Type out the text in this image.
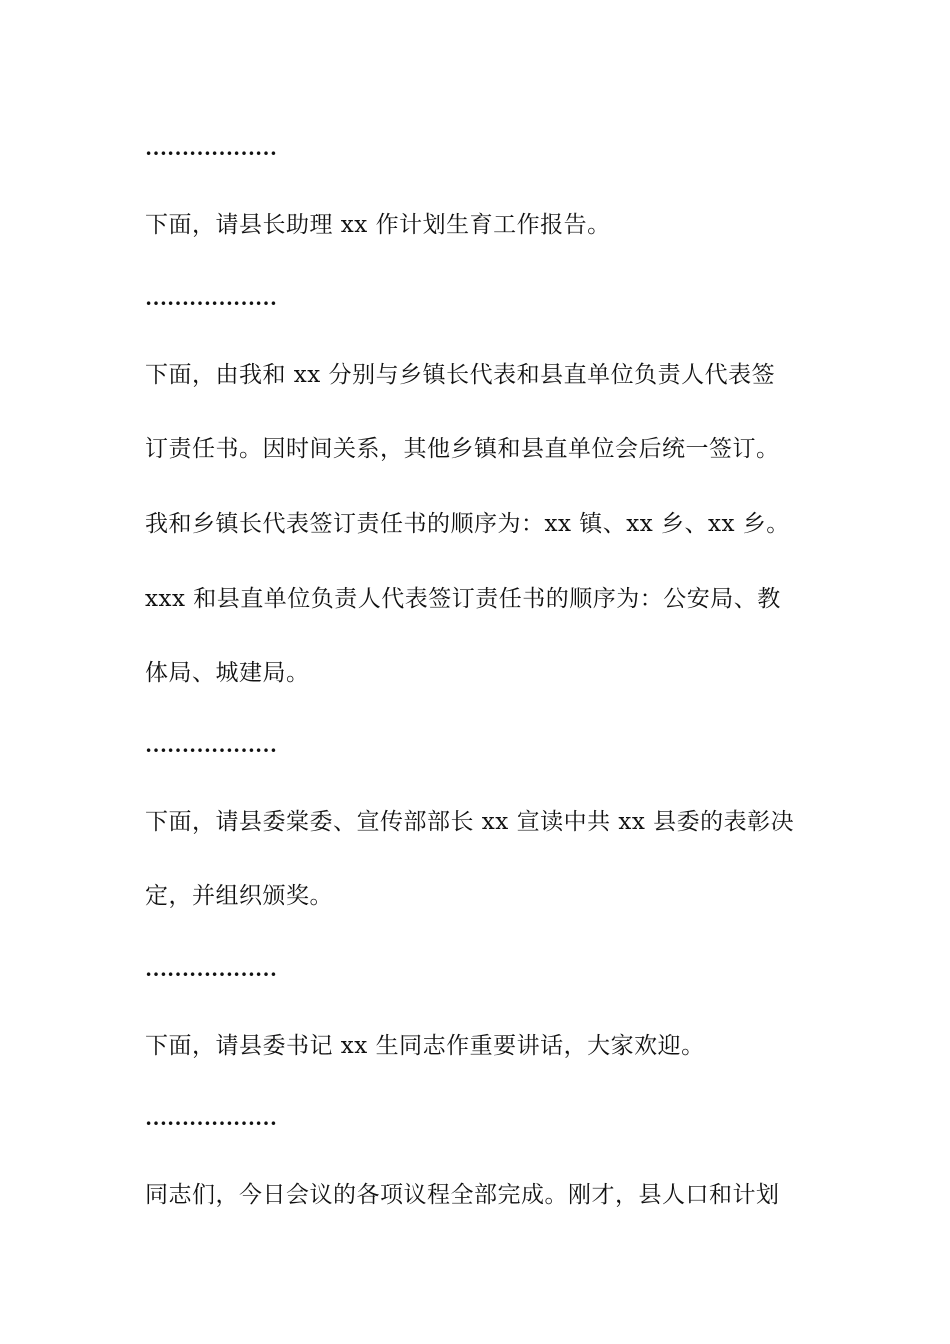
………………
下面，请县长助理 xx 作计划生育工作报告。
………………
下面，由我和 xx 分别与乡镇长代表和县直单位负责人代表签
订责任书。因时间关系，其他乡镇和县直单位会后统一签订。
我和乡镇长代表签订责任书的顺序为：xx 镇、xx 乡、xx 乡。
xxx 和县直单位负责人代表签订责任书的顺序为：公安局、教
体局、城建局。
………………
下面，请县委棠委、宣传部部长 xx 宣读中共 xx 县委的表彰决
定，并组织颁奖。
………………
下面，请县委书记 xx 生同志作重要讲话，大家欢迎。
………………
同志们，今日会议的各项议程全部完成。刚才，县人口和计划
